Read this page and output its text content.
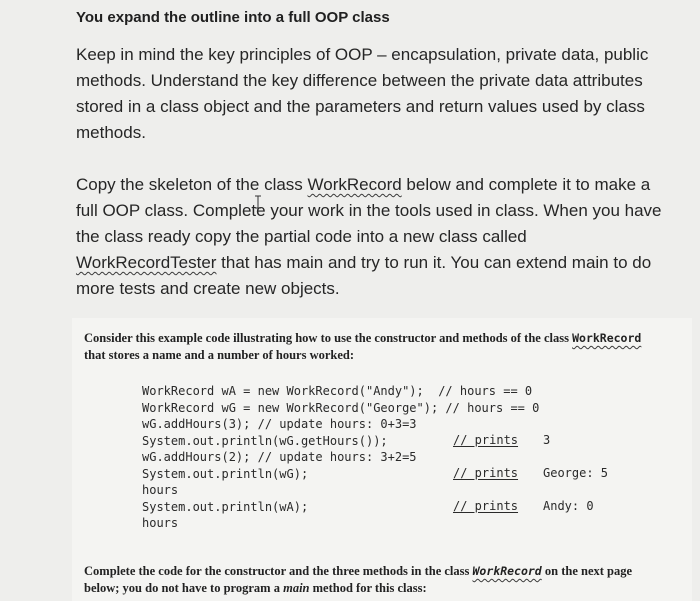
You expand the outline into a full OOP class
Keep in mind the key principles of OOP – encapsulation, private data, public methods. Understand the key difference between the private data attributes stored in a class object and the parameters and return values used by class methods.
Copy the skeleton of the class WorkRecord below and complete it to make a full OOP class. Complete your work in the tools used in class. When you have the class ready copy the partial code into a new class called WorkRecordTester that has main and try to run it. You can extend main to do more tests and create new objects.
Consider this example code illustrating how to use the constructor and methods of the class WorkRecord that stores a name and a number of hours worked:
WorkRecord wA = new WorkRecord("Andy");  // hours == 0
WorkRecord wG = new WorkRecord("George"); // hours == 0
wG.addHours(3); // update hours: 0+3=3
System.out.println(wG.getHours());
wG.addHours(2); // update hours: 3+2=5
System.out.println(wG);
hours
System.out.println(wA);
hours
// prints 3
// prints George: 5
// prints Andy: 0
Complete the code for the constructor and the three methods in the class WorkRecord on the next page below; you do not have to program a main method for this class:
